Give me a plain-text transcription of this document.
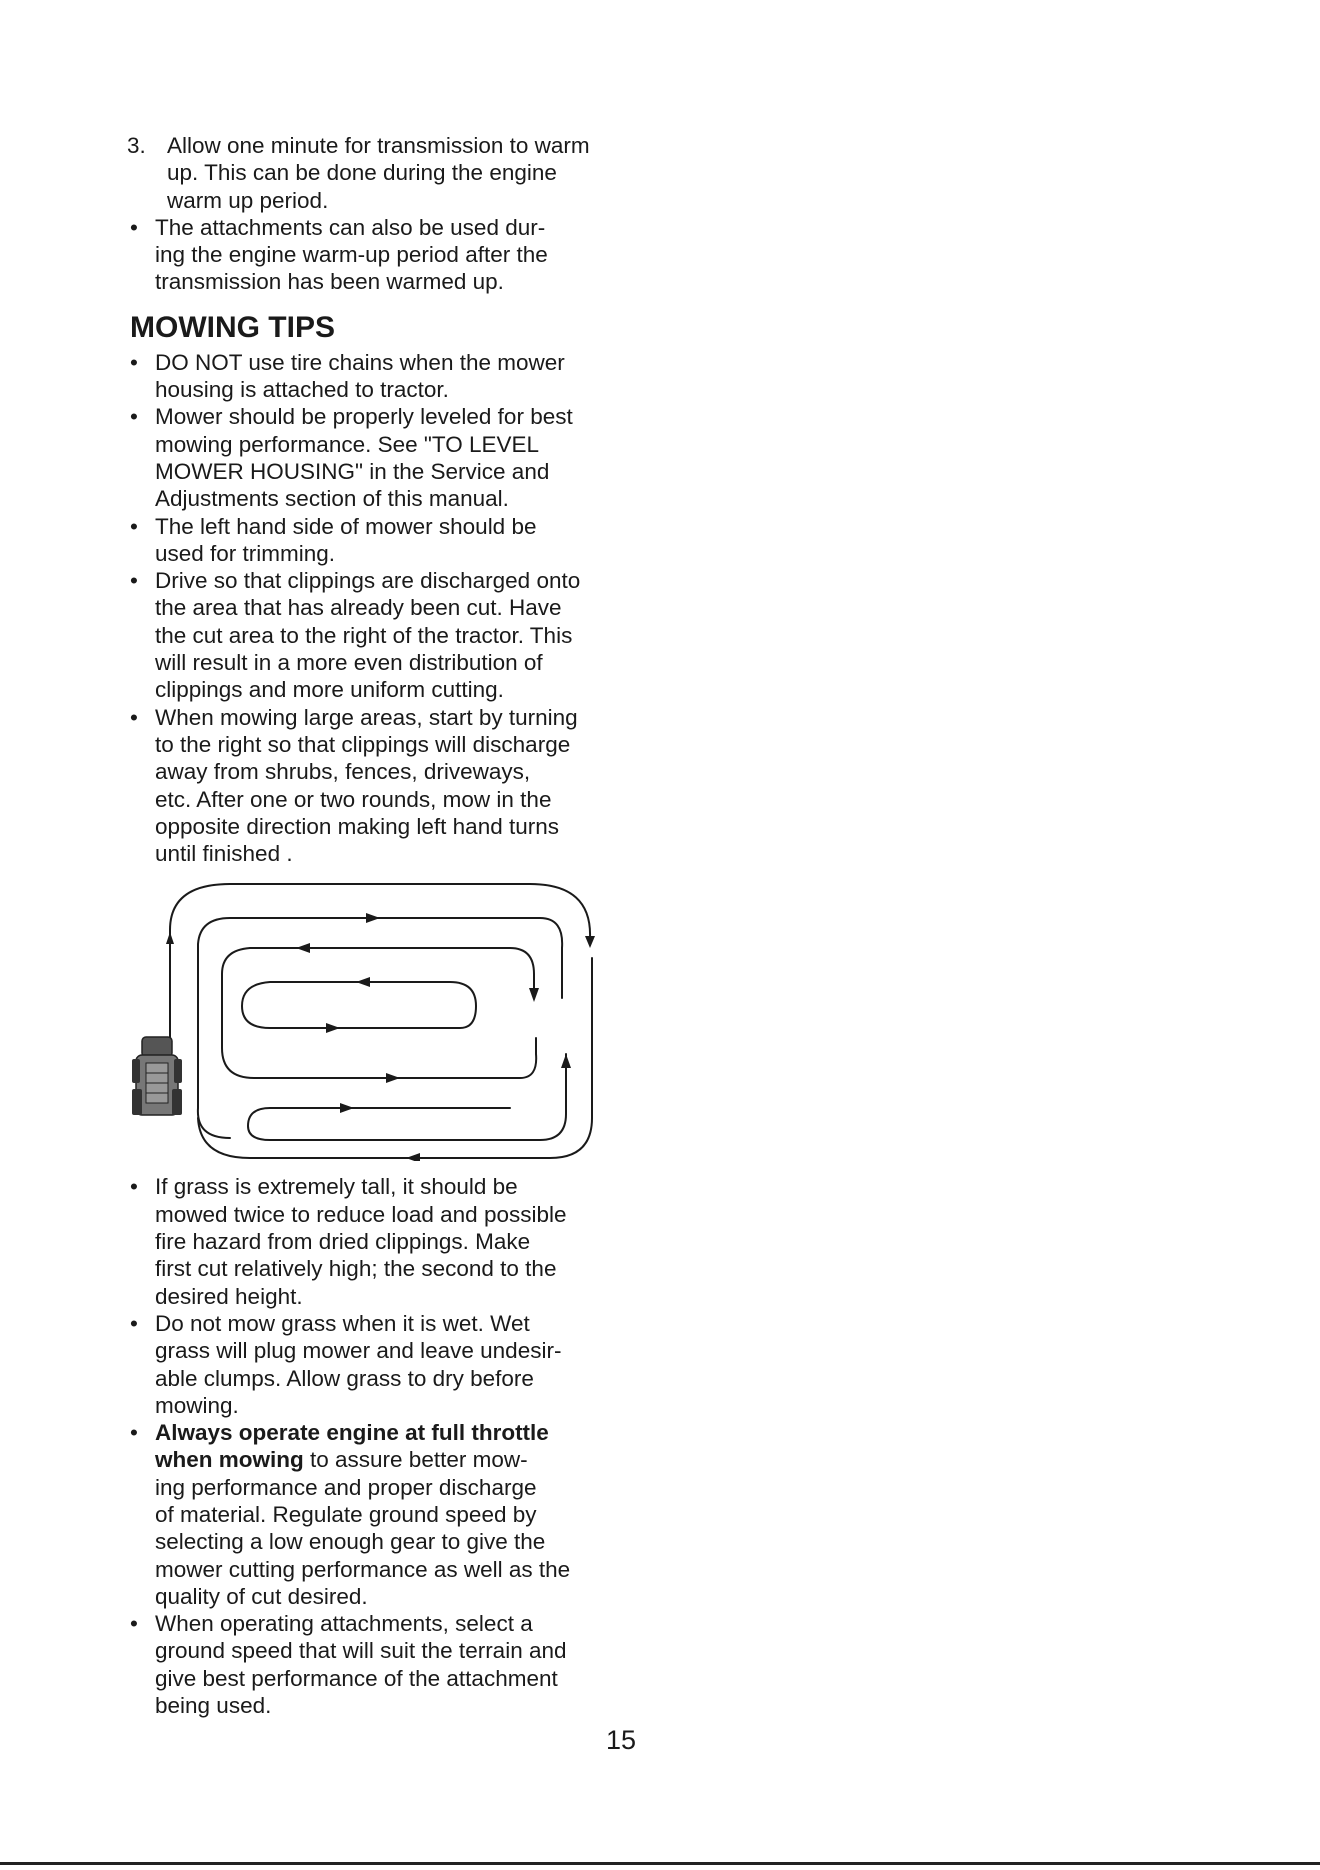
3. Allow one minute for transmission to warm
up. This can be done during the engine
warm up period.
• The attachments can also be used dur-
ing the engine warm-up period after the
transmission has been warmed up.
MOWING TIPS
• DO NOT use tire chains when the mower
housing is attached to tractor.
• Mower should be properly leveled for best
mowing performance. See "TO LEVEL
MOWER HOUSING" in the Service and
Adjustments section of this manual.
• The left hand side of mower should be
used for trimming.
• Drive so that clippings are discharged onto
the area that has already been cut. Have
the cut area to the right of the tractor. This
will result in a more even distribution of
clippings and more uniform cutting.
• When mowing large areas, start by turning
to the right so that clippings will discharge
away from shrubs, fences, driveways,
etc. After one or two rounds, mow in the
opposite direction making left hand turns
until finished .
• If grass is extremely tall, it should be
mowed twice to reduce load and possible
fire hazard from dried clippings. Make
first cut relatively high; the second to the
desired height.
• Do not mow grass when it is wet. Wet
grass will plug mower and leave undesir-
able clumps. Allow grass to dry before
mowing.
• Always operate engine at full throttle
when mowing to assure better mow-
ing performance and proper discharge
of material. Regulate ground speed by
selecting a low enough gear to give the
mower cutting performance as well as the
quality of cut desired.
• When operating attachments, select a
ground speed that will suit the terrain and
give best performance of the attachment
being used.
15
